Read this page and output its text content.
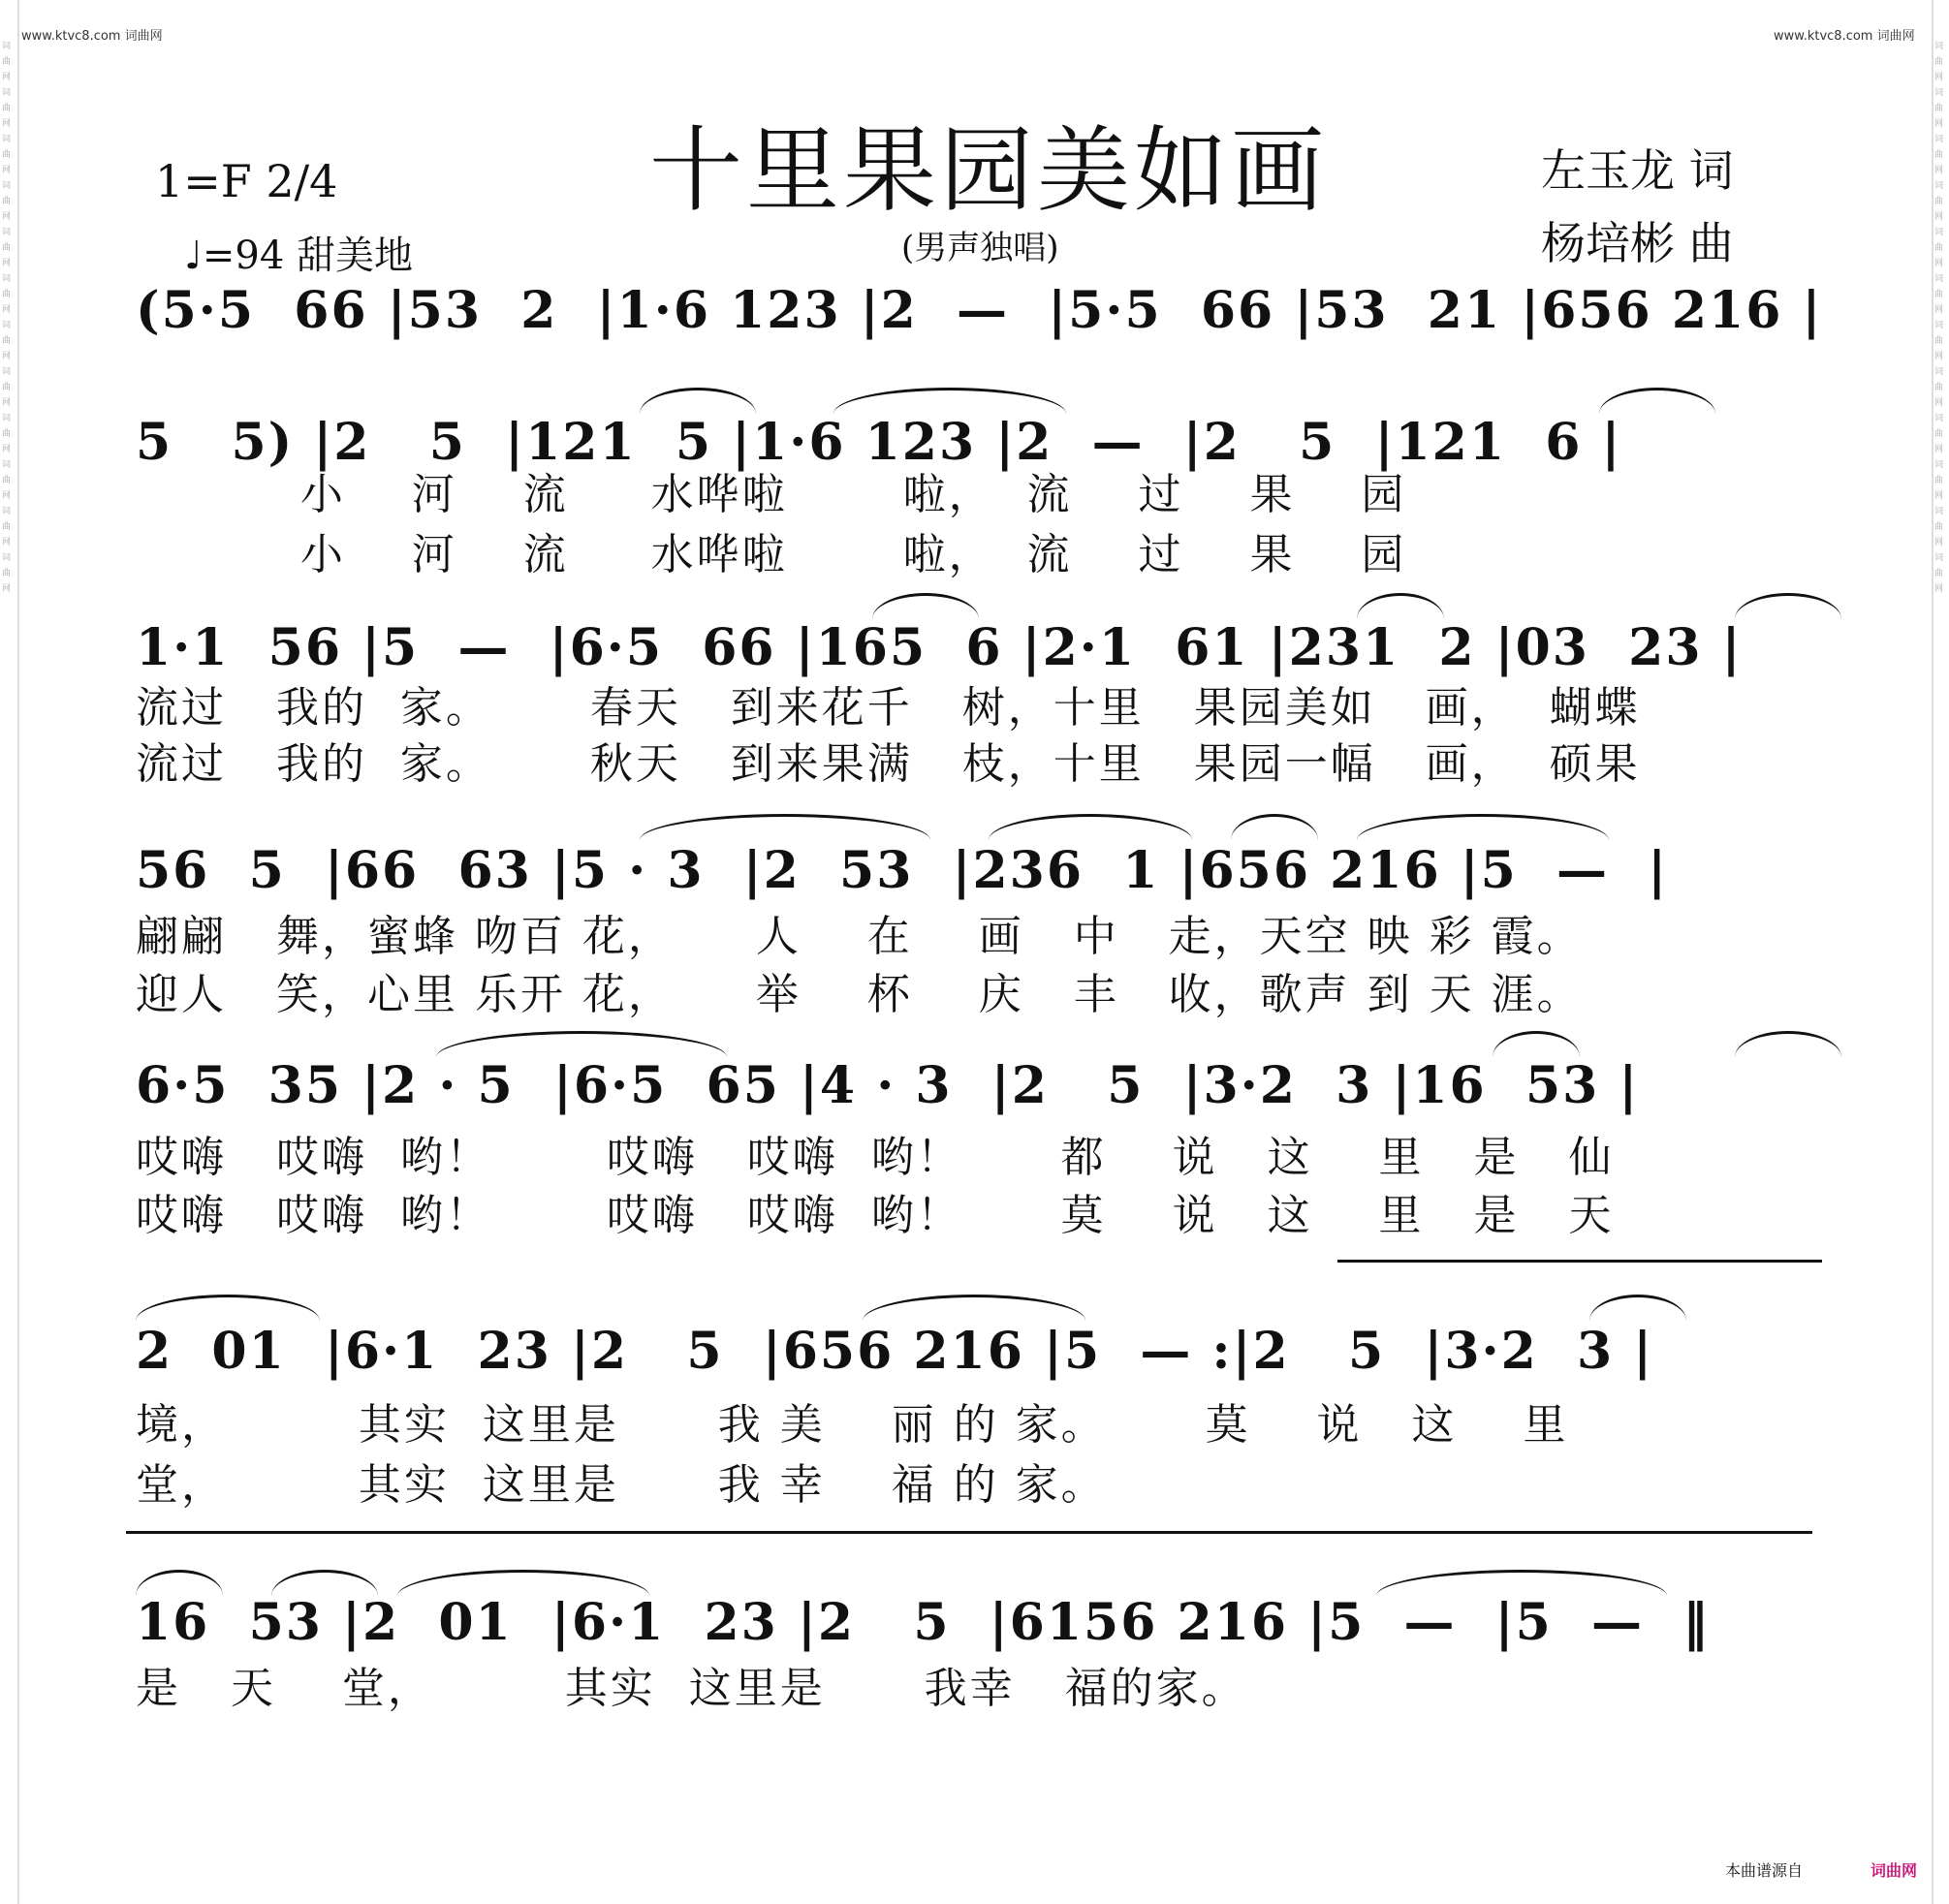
词曲网词曲网词曲网词曲网词曲网词曲网词曲网词曲网词曲网词曲网词曲网词曲网
词曲网词曲网词曲网词曲网词曲网词曲网词曲网词曲网词曲网词曲网词曲网词曲网
www.ktvc8.com 词曲网	www.ktvc8.com 词曲网
1=F 2/4
♩=94 甜美地
十里果园美如画
(男声独唱)
左玉龙 词
杨培彬 曲
(5·5  66 |53  2  |1·6 123 |2  —  |5·5  66 |53  21 |656 216 |
5   5) |2   5  |121  5 |1·6 123 |2  —  |2   5  |121  6 |
小    河    流     水哗啦       啦，  流    过    果    园
小    河    流     水哗啦       啦，  流    过    果    园
1·1  56 |5  —  |6·5  66 |165  6 |2·1  61 |231  2 |03  23 |
流过   我的  家。      春天   到来花千   树，十里   果园美如   画，  蝴蝶
流过   我的  家。      秋天   到来果满   枝，十里   果园一幅   画，  硕果
56  5  |66  63 |5 · 3  |2  53  |236  1 |656 216 |5  —  |
翩翩   舞，蜜蜂 吻百 花，     人    在    画   中   走，天空 映 彩 霞。
迎人   笑，心里 乐开 花，     举    杯    庆   丰   收，歌声 到 天 涯。
6·5  35 |2 · 5  |6·5  65 |4 · 3  |2   5  |3·2  3 |16  53 |
哎嗨   哎嗨  哟！       哎嗨   哎嗨  哟！      都    说   这    里   是   仙
哎嗨   哎嗨  哟！       哎嗨   哎嗨  哟！      莫    说   这    里   是   天
2  01  |6·1  23 |2   5  |656 216 |5  — :|2   5  |3·2  3 |
境，        其实  这里是      我 美    丽 的 家。      莫    说   这    里
堂，        其实  这里是      我 幸    福 的 家。
16  53 |2  01  |6·1  23 |2   5  |6156 216 |5  —  |5  —  ‖
是   天    堂，        其实  这里是      我幸   福的家。
本曲谱源自	词曲网
